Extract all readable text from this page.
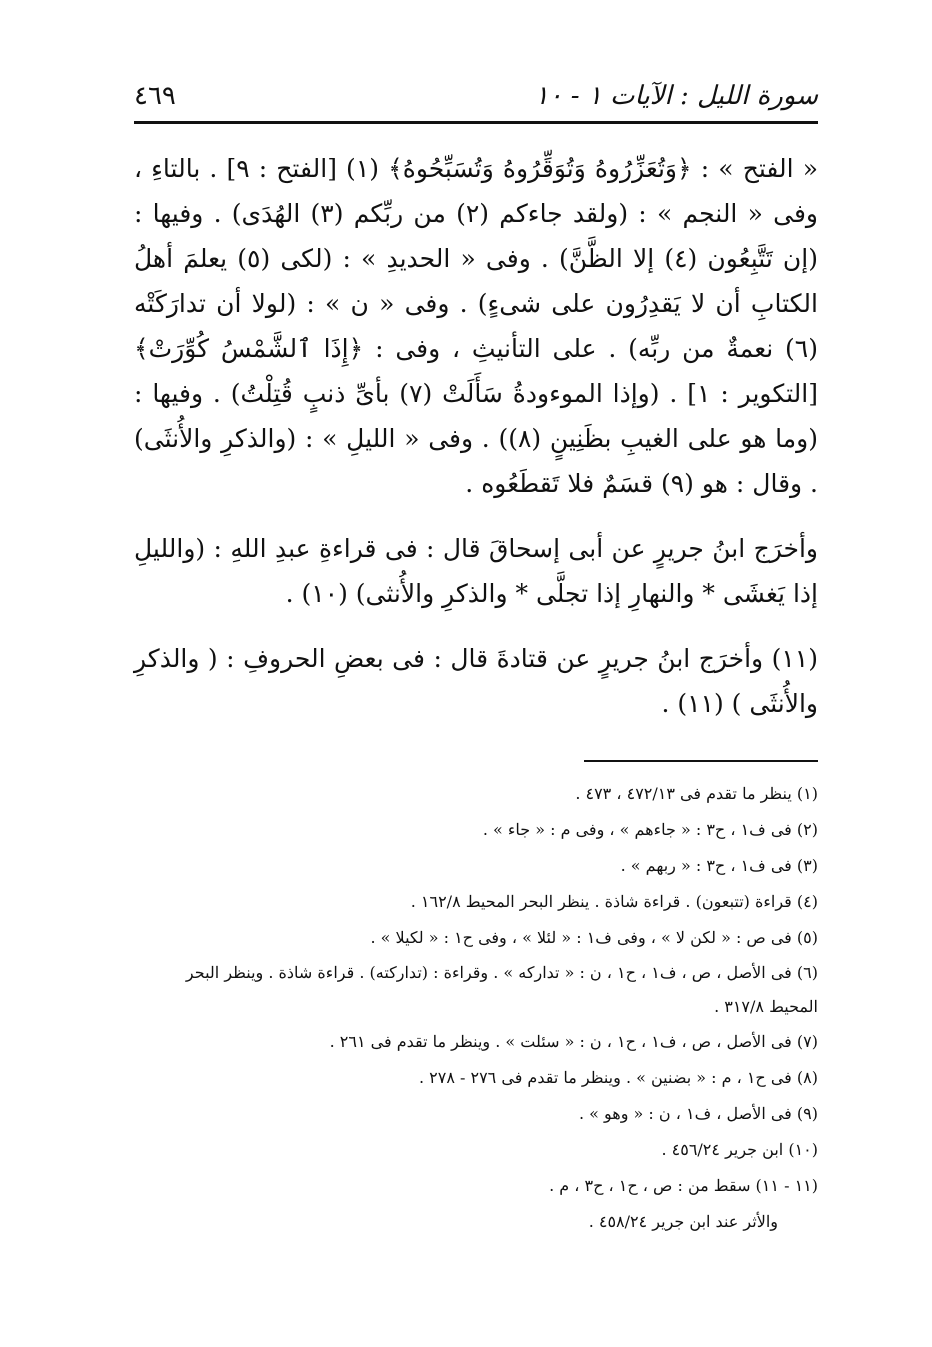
سورة الليل : الآيات ١ - ١٠
٤٦٩

« الفتح » : ﴿وَتُعَزِّرُوهُ وَتُوَقِّرُوهُ وَتُسَبِّحُوهُ﴾ (١) [الفتح : ٩] . بالتاءِ ، وفى « النجم » : (ولقد جاءكم (٢) من ربِّكم (٣) الهُدَى) . وفيها : (إن تَتَّبِعُون (٤) إلا الظَّنَّ) . وفى « الحديدِ » : (لكى (٥) يعلمَ أهلُ الكتابِ أن لا يَقدِرُون على شىءٍ) . وفى « ن » : (لولا أن تدارَكَتْه (٦) نعمةٌ من ربِّه) . على التأنيثِ ، وفى : ﴿إِذَا ٱلشَّمْسُ كُوِّرَتْ﴾ [التكوير : ١] . (وإذا الموءودةُ سَأَلَتْ (٧) بأىِّ ذنبٍ قُتِلْتُ) . وفيها : (وما هو على الغيبِ بظَنِينٍ (٨)) . وفى « الليلِ » : (والذكرِ والأُنثَى) . وقال : هو (٩) قسَمٌ فلا تَقطَعُوه .

وأخرَج ابنُ جريرٍ عن أبى إسحاقَ قال : فى قراءةِ عبدِ اللهِ : (والليلِ إذا يَغشَى * والنهارِ إذا تجلَّى * والذكرِ والأُنثى) (١٠) .

(١١) وأخرَج ابنُ جريرٍ عن قتادةَ قال : فى بعضِ الحروفِ : ( والذكرِ والأُنثَى ) (١١) .

(١) ينظر ما تقدم فى ٤٧٢/١٣ ، ٤٧٣ .

(٢) فى ف١ ، ح٣ : « جاءهم » ، وفى م : « جاء » .

(٣) فى ف١ ، ح٣ : « ربهم » .

(٤) قراءة (تتبعون) . قراءة شاذة . ينظر البحر المحيط ١٦٢/٨ .

(٥) فى ص : « لكن لا » ، وفى ف١ : « لئلا » ، وفى ح١ : « لكيلا » .

(٦) فى الأصل ، ص ، ف١ ، ح١ ، ن : « تداركه » . وقراءة : (تداركته) . قراءة شاذة . وينظر البحر المحيط ٣١٧/٨ .

(٧) فى الأصل ، ص ، ف١ ، ح١ ، ن : « سئلت » . وينظر ما تقدم فى ٢٦١ .

(٨) فى ح١ ، م : « بضنين » . وينظر ما تقدم فى ٢٧٦ - ٢٧٨ .

(٩) فى الأصل ، ف١ ، ن : « وهو » .

(١٠) ابن جرير ٤٥٦/٢٤ .

(١١ - ١١) سقط من : ص ، ح١ ، ح٣ ، م .

والأثر عند ابن جرير ٤٥٨/٢٤ .
